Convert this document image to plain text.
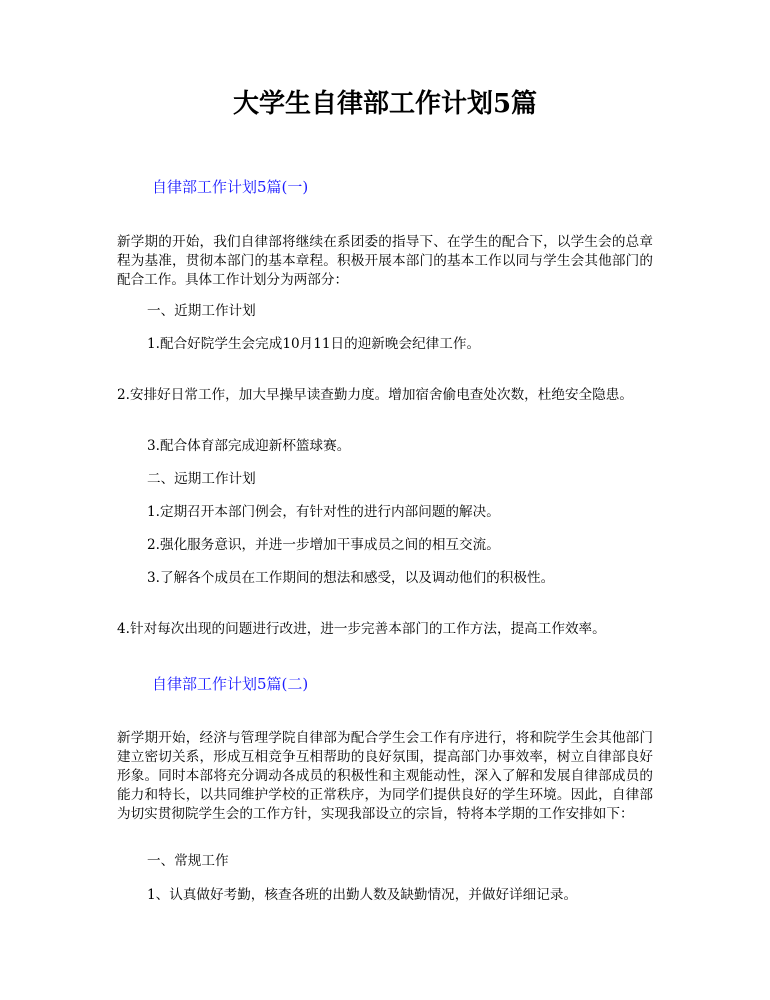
大学生自律部工作计划5篇
自律部工作计划5篇(一)
新学期的开始，我们自律部将继续在系团委的指导下、在学生的配合下，以学生会的总章程为基准，贯彻本部门的基本章程。积极开展本部门的基本工作以同与学生会其他部门的配合工作。具体工作计划分为两部分：
一、近期工作计划
1.配合好院学生会完成10月11日的迎新晚会纪律工作。
2.安排好日常工作，加大早操早读查勤力度。增加宿舍偷电查处次数，杜绝安全隐患。
3.配合体育部完成迎新杯篮球赛。
二、远期工作计划
1.定期召开本部门例会，有针对性的进行内部问题的解决。
2.强化服务意识，并进一步增加干事成员之间的相互交流。
3.了解各个成员在工作期间的想法和感受，以及调动他们的积极性。
4.针对每次出现的问题进行改进，进一步完善本部门的工作方法，提高工作效率。
自律部工作计划5篇(二)
新学期开始，经济与管理学院自律部为配合学生会工作有序进行，将和院学生会其他部门建立密切关系，形成互相竞争互相帮助的良好氛围，提高部门办事效率，树立自律部良好形象。同时本部将充分调动各成员的积极性和主观能动性，深入了解和发展自律部成员的能力和特长，以共同维护学校的正常秩序，为同学们提供良好的学生环境。因此，自律部为切实贯彻院学生会的工作方针，实现我部设立的宗旨，特将本学期的工作安排如下：
一、常规工作
1、认真做好考勤，核查各班的出勤人数及缺勤情况，并做好详细记录。
